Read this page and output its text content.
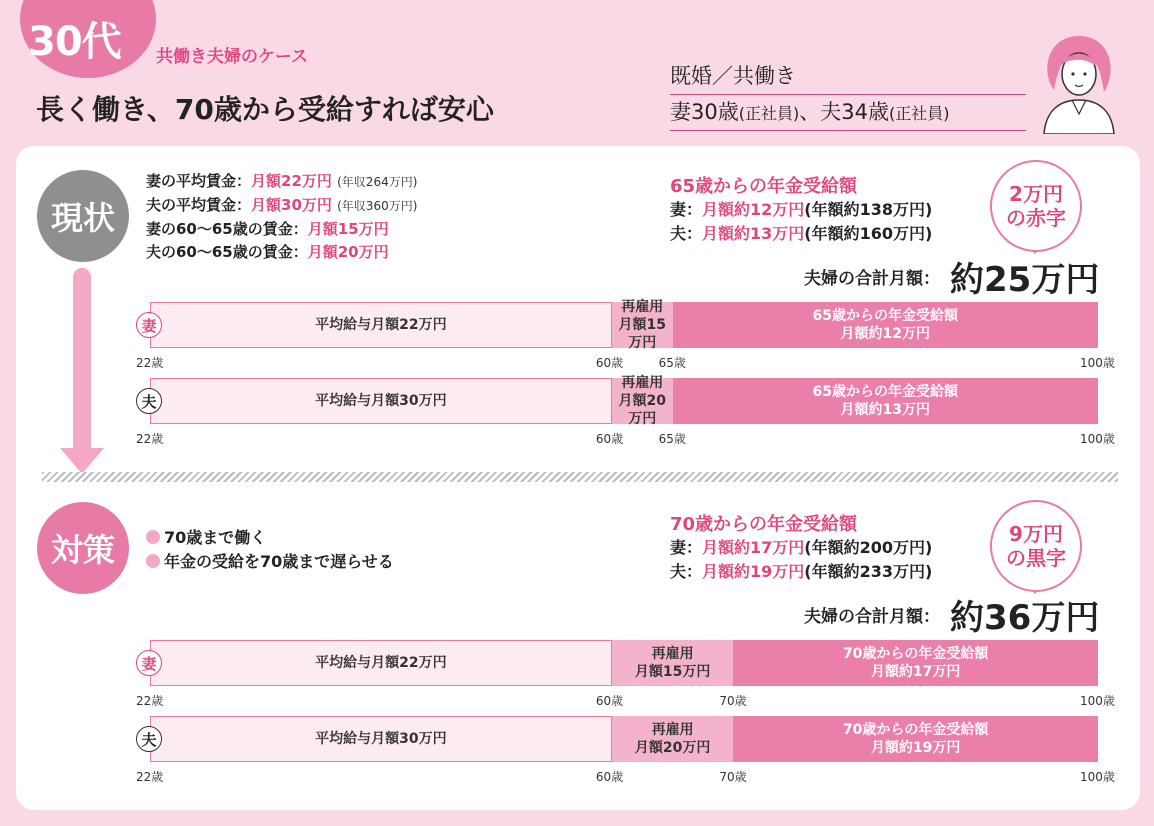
30代 共働き夫婦のケース
長く働き、70歳から受給すれば安心
既婚／共働き
妻30歳(正社員)、夫34歳(正社員)
現状
対策
妻の平均賃金：月額22万円 (年収264万円)
夫の平均賃金：月額30万円 (年収360万円)
妻の60～65歳の賃金：月額15万円
夫の60～65歳の賃金：月額20万円
65歳からの年金受給額
妻：月額約12万円(年額約138万円)
夫：月額約13万円(年額約160万円)
夫婦の合計月額： 約25万円
2万円
の赤字
70歳まで働く
年金の受給を70歳まで遅らせる
70歳からの年金受給額
妻：月額約17万円(年額約200万円)
夫：月額約19万円(年額約233万円)
夫婦の合計月額： 約36万円
9万円
の黒字
平均給与月額22万円
再雇用
月額15万円
65歳からの年金受給額
月額約12万円
妻
22歳	60歳	65歳	100歳
平均給与月額30万円
再雇用
月額20万円
65歳からの年金受給額
月額約13万円
夫
22歳	60歳	65歳	100歳
平均給与月額22万円
再雇用
月額15万円
70歳からの年金受給額
月額約17万円
妻
22歳	60歳	70歳	100歳
平均給与月額30万円
再雇用
月額20万円
70歳からの年金受給額
月額約19万円
夫
22歳	60歳	70歳	100歳
